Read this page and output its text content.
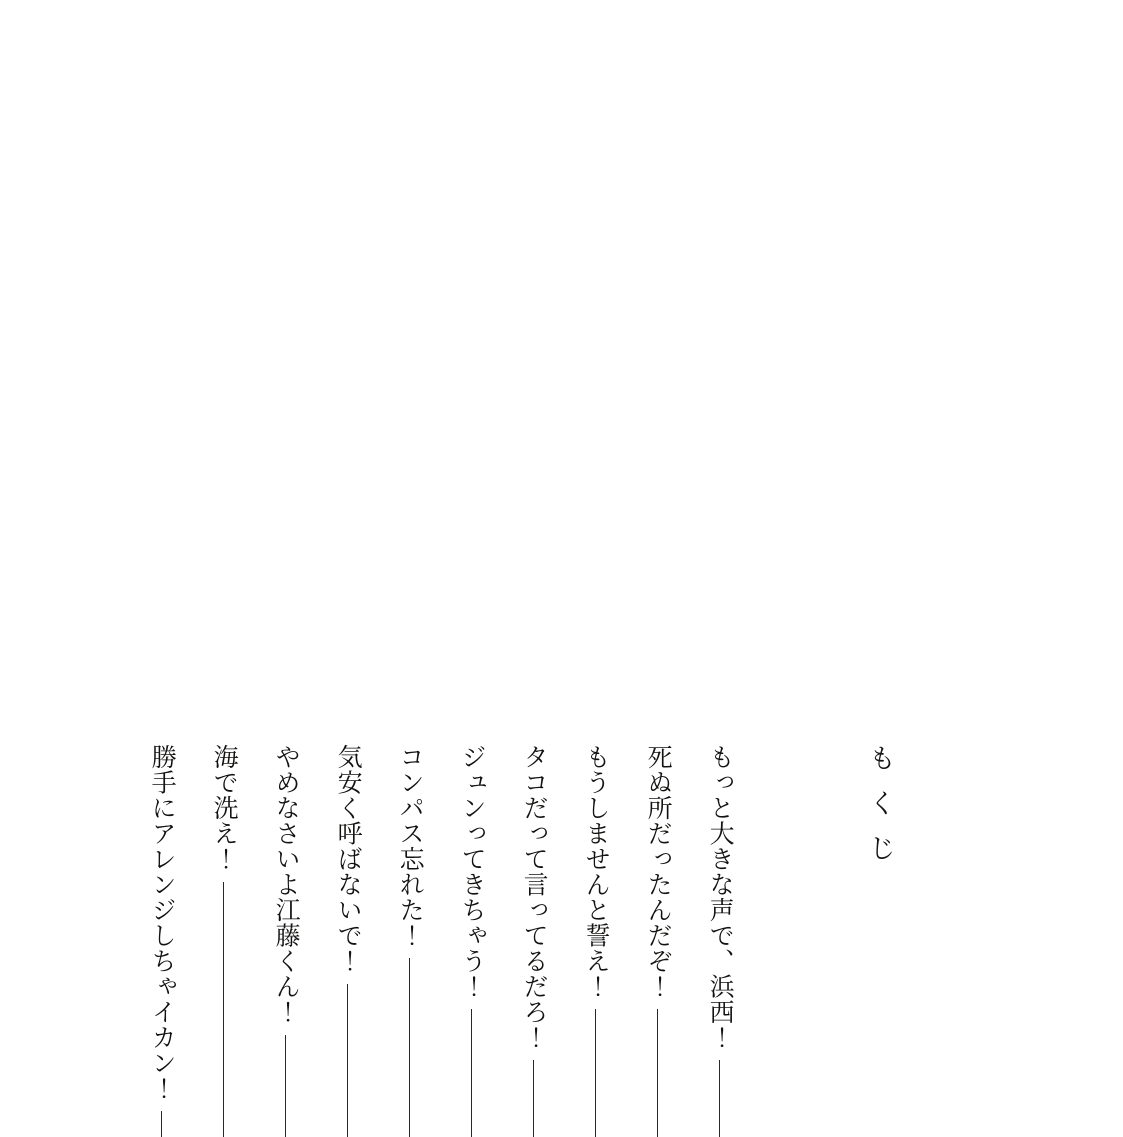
もくじ
もっと大きな声で、浜西！
死ぬ所だったんだぞ！
もうしませんと誓え！
タコだって言ってるだろ！
ジュンってきちゃう！
コンパス忘れた！
気安く呼ばないで！
やめなさいよ江藤くん！
海で洗え！
勝手にアレンジしちゃイカン！
